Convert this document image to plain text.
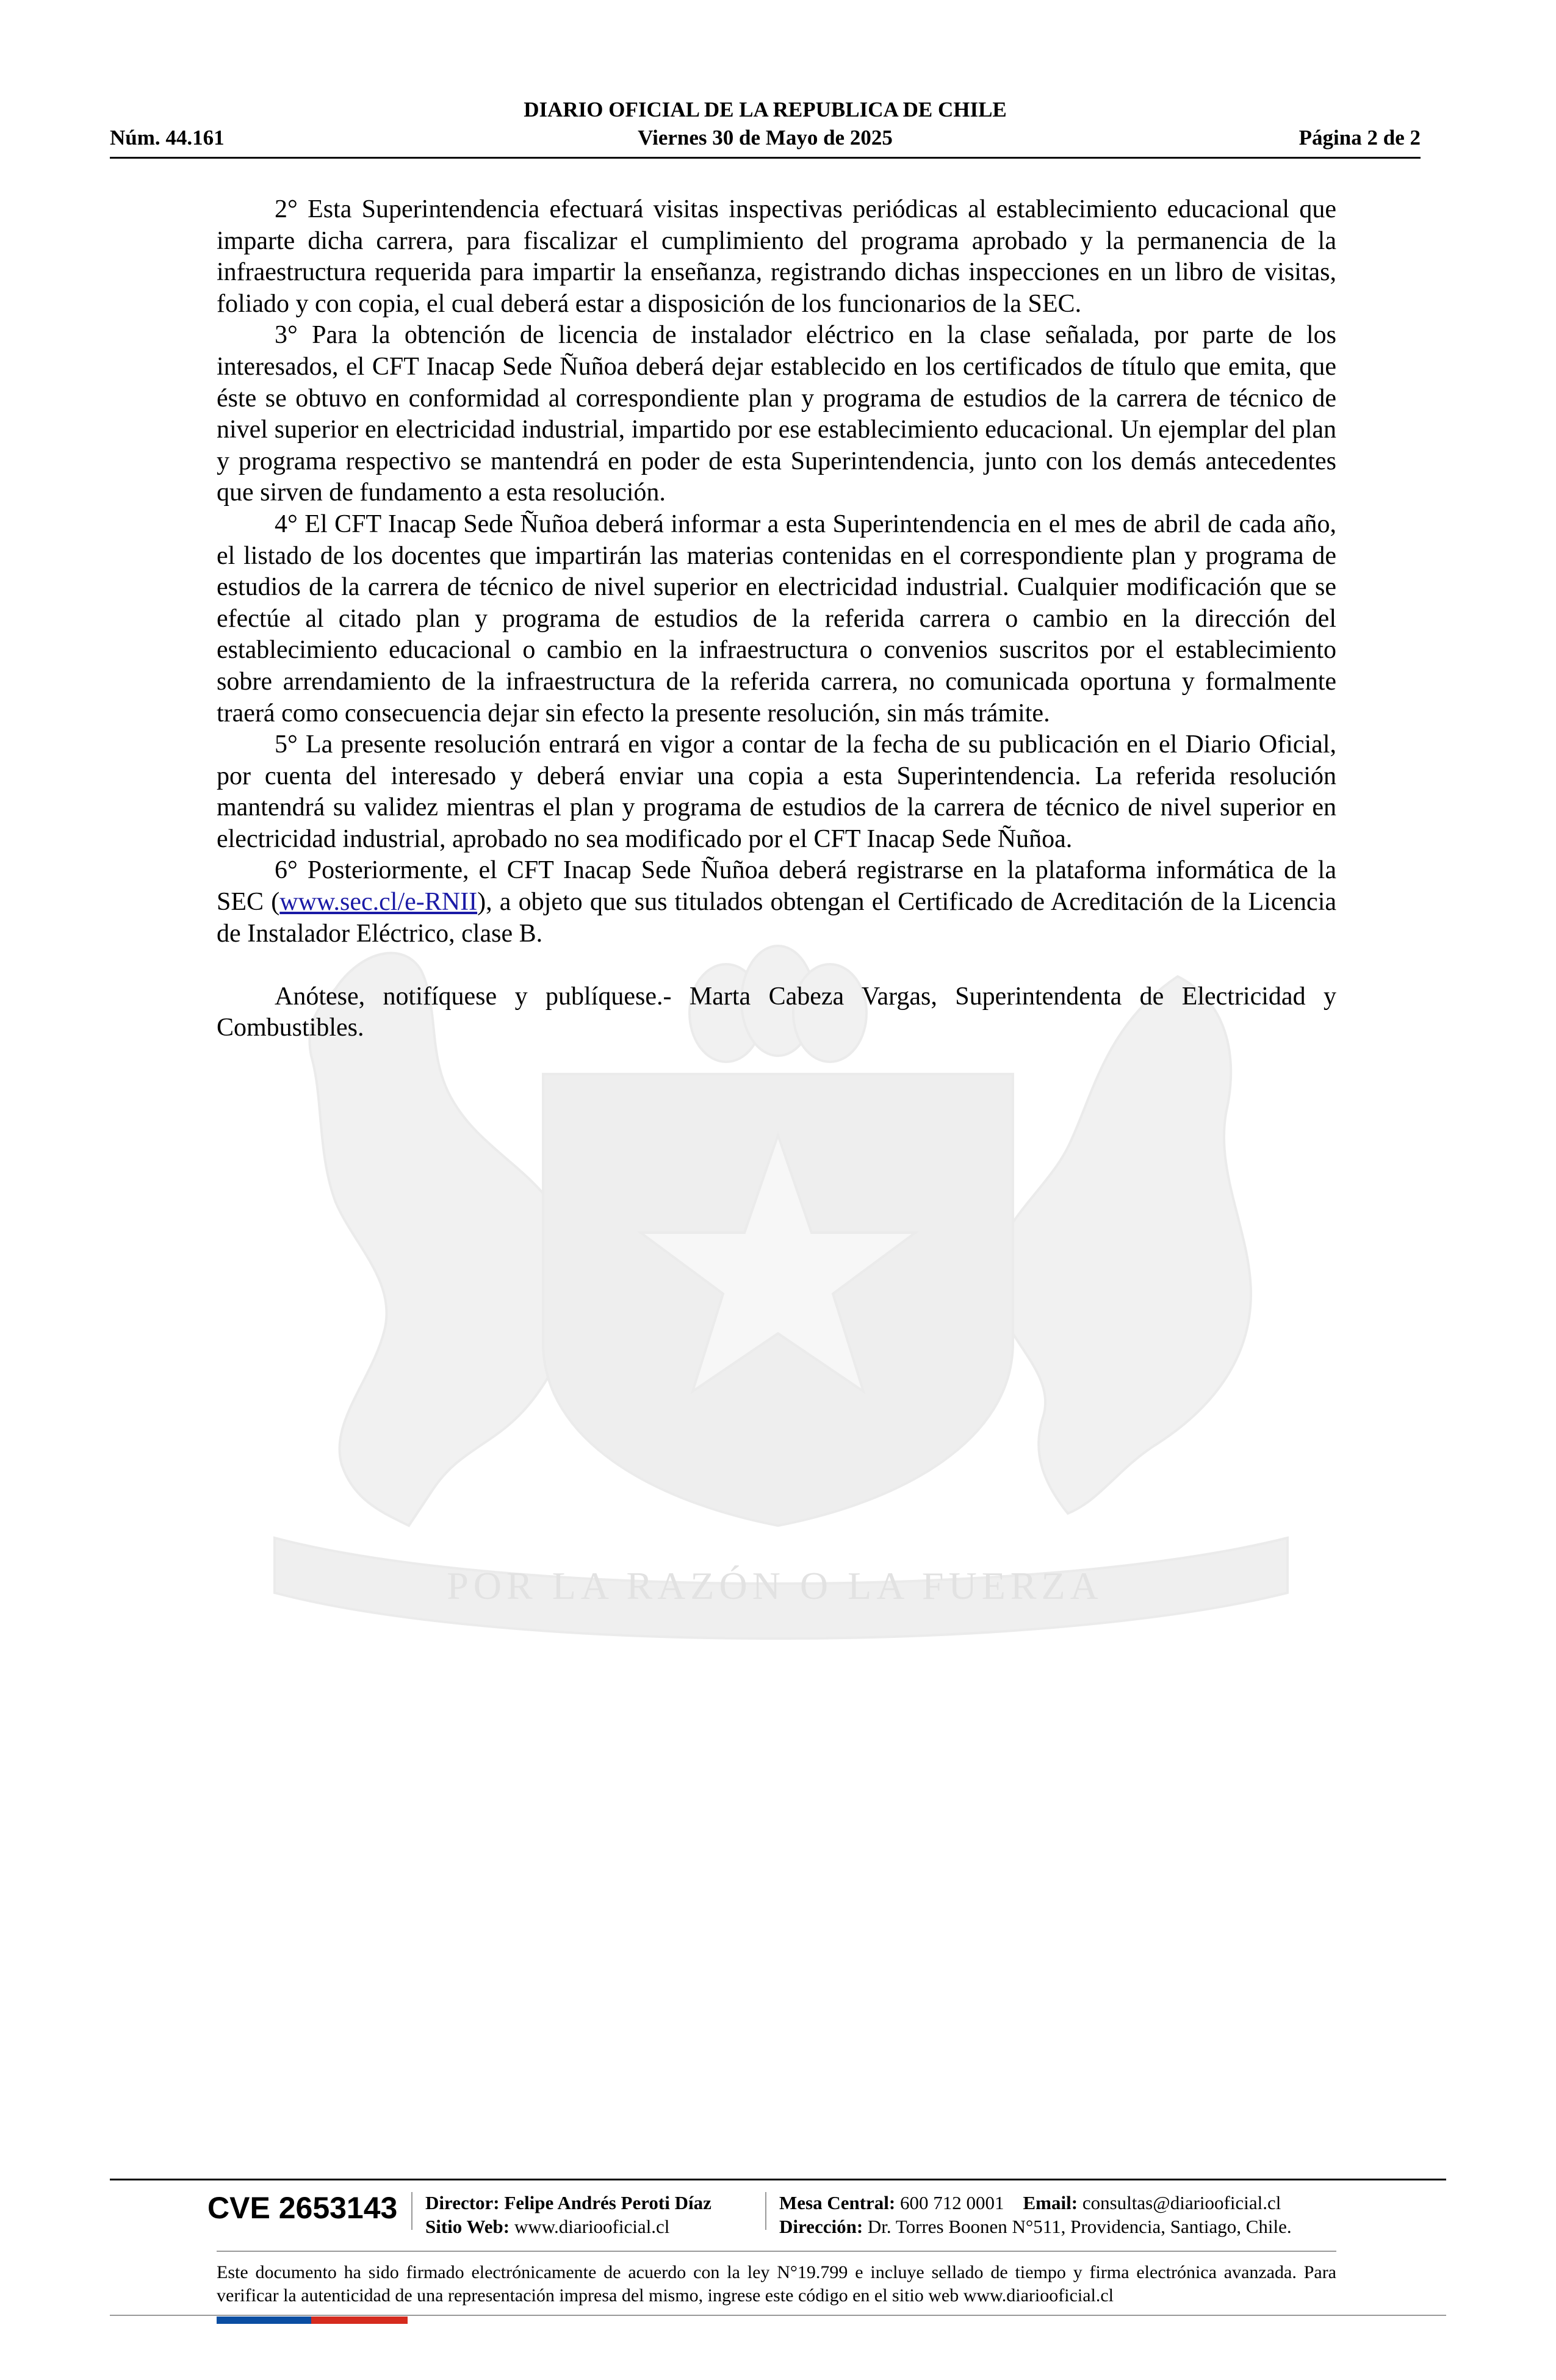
DIARIO OFICIAL DE LA REPUBLICA DE CHILE
Viernes 30 de Mayo de 2025
Núm. 44.161	Página 2 de 2
POR LA RAZÓN O LA FUERZA

2° Esta Superintendencia efectuará visitas inspectivas periódicas al establecimiento educacional que imparte dicha carrera, para fiscalizar el cumplimiento del programa aprobado y la permanencia de la infraestructura requerida para impartir la enseñanza, registrando dichas inspecciones en un libro de visitas, foliado y con copia, el cual deberá estar a disposición de los funcionarios de la SEC.

3° Para la obtención de licencia de instalador eléctrico en la clase señalada, por parte de los interesados, el CFT Inacap Sede Ñuñoa deberá dejar establecido en los certificados de título que emita, que éste se obtuvo en conformidad al correspondiente plan y programa de estudios de la carrera de técnico de nivel superior en electricidad industrial, impartido por ese establecimiento educacional. Un ejemplar del plan y programa respectivo se mantendrá en poder de esta Superintendencia, junto con los demás antecedentes que sirven de fundamento a esta resolución.

4° El CFT Inacap Sede Ñuñoa deberá informar a esta Superintendencia en el mes de abril de cada año, el listado de los docentes que impartirán las materias contenidas en el correspondiente plan y programa de estudios de la carrera de técnico de nivel superior en electricidad industrial. Cualquier modificación que se efectúe al citado plan y programa de estudios de la referida carrera o cambio en la dirección del establecimiento educacional o cambio en la infraestructura o convenios suscritos por el establecimiento sobre arrendamiento de la infraestructura de la referida carrera, no comunicada oportuna y formalmente traerá como consecuencia dejar sin efecto la presente resolución, sin más trámite.

5° La presente resolución entrará en vigor a contar de la fecha de su publicación en el Diario Oficial, por cuenta del interesado y deberá enviar una copia a esta Superintendencia. La referida resolución mantendrá su validez mientras el plan y programa de estudios de la carrera de técnico de nivel superior en electricidad industrial, aprobado no sea modificado por el CFT Inacap Sede Ñuñoa.

6° Posteriormente, el CFT Inacap Sede Ñuñoa deberá registrarse en la plataforma informática de la SEC (www.sec.cl/e-RNII), a objeto que sus titulados obtengan el Certificado de Acreditación de la Licencia de Instalador Eléctrico, clase B.

Anótese, notifíquese y publíquese.- Marta Cabeza Vargas, Superintendenta de Electricidad y Combustibles.

CVE 2653143 Director: Felipe Andrés Peroti Díaz
Sitio Web: www.diariooficial.cl
Mesa Central: 600 712 0001 Email: consultas@diariooficial.cl
Dirección: Dr. Torres Boonen N°511, Providencia, Santiago, Chile.
Este documento ha sido firmado electrónicamente de acuerdo con la ley N°19.799 e incluye sellado de tiempo y firma electrónica avanzada. Para verificar la autenticidad de una representación impresa del mismo, ingrese este código en el sitio web www.diariooficial.cl
